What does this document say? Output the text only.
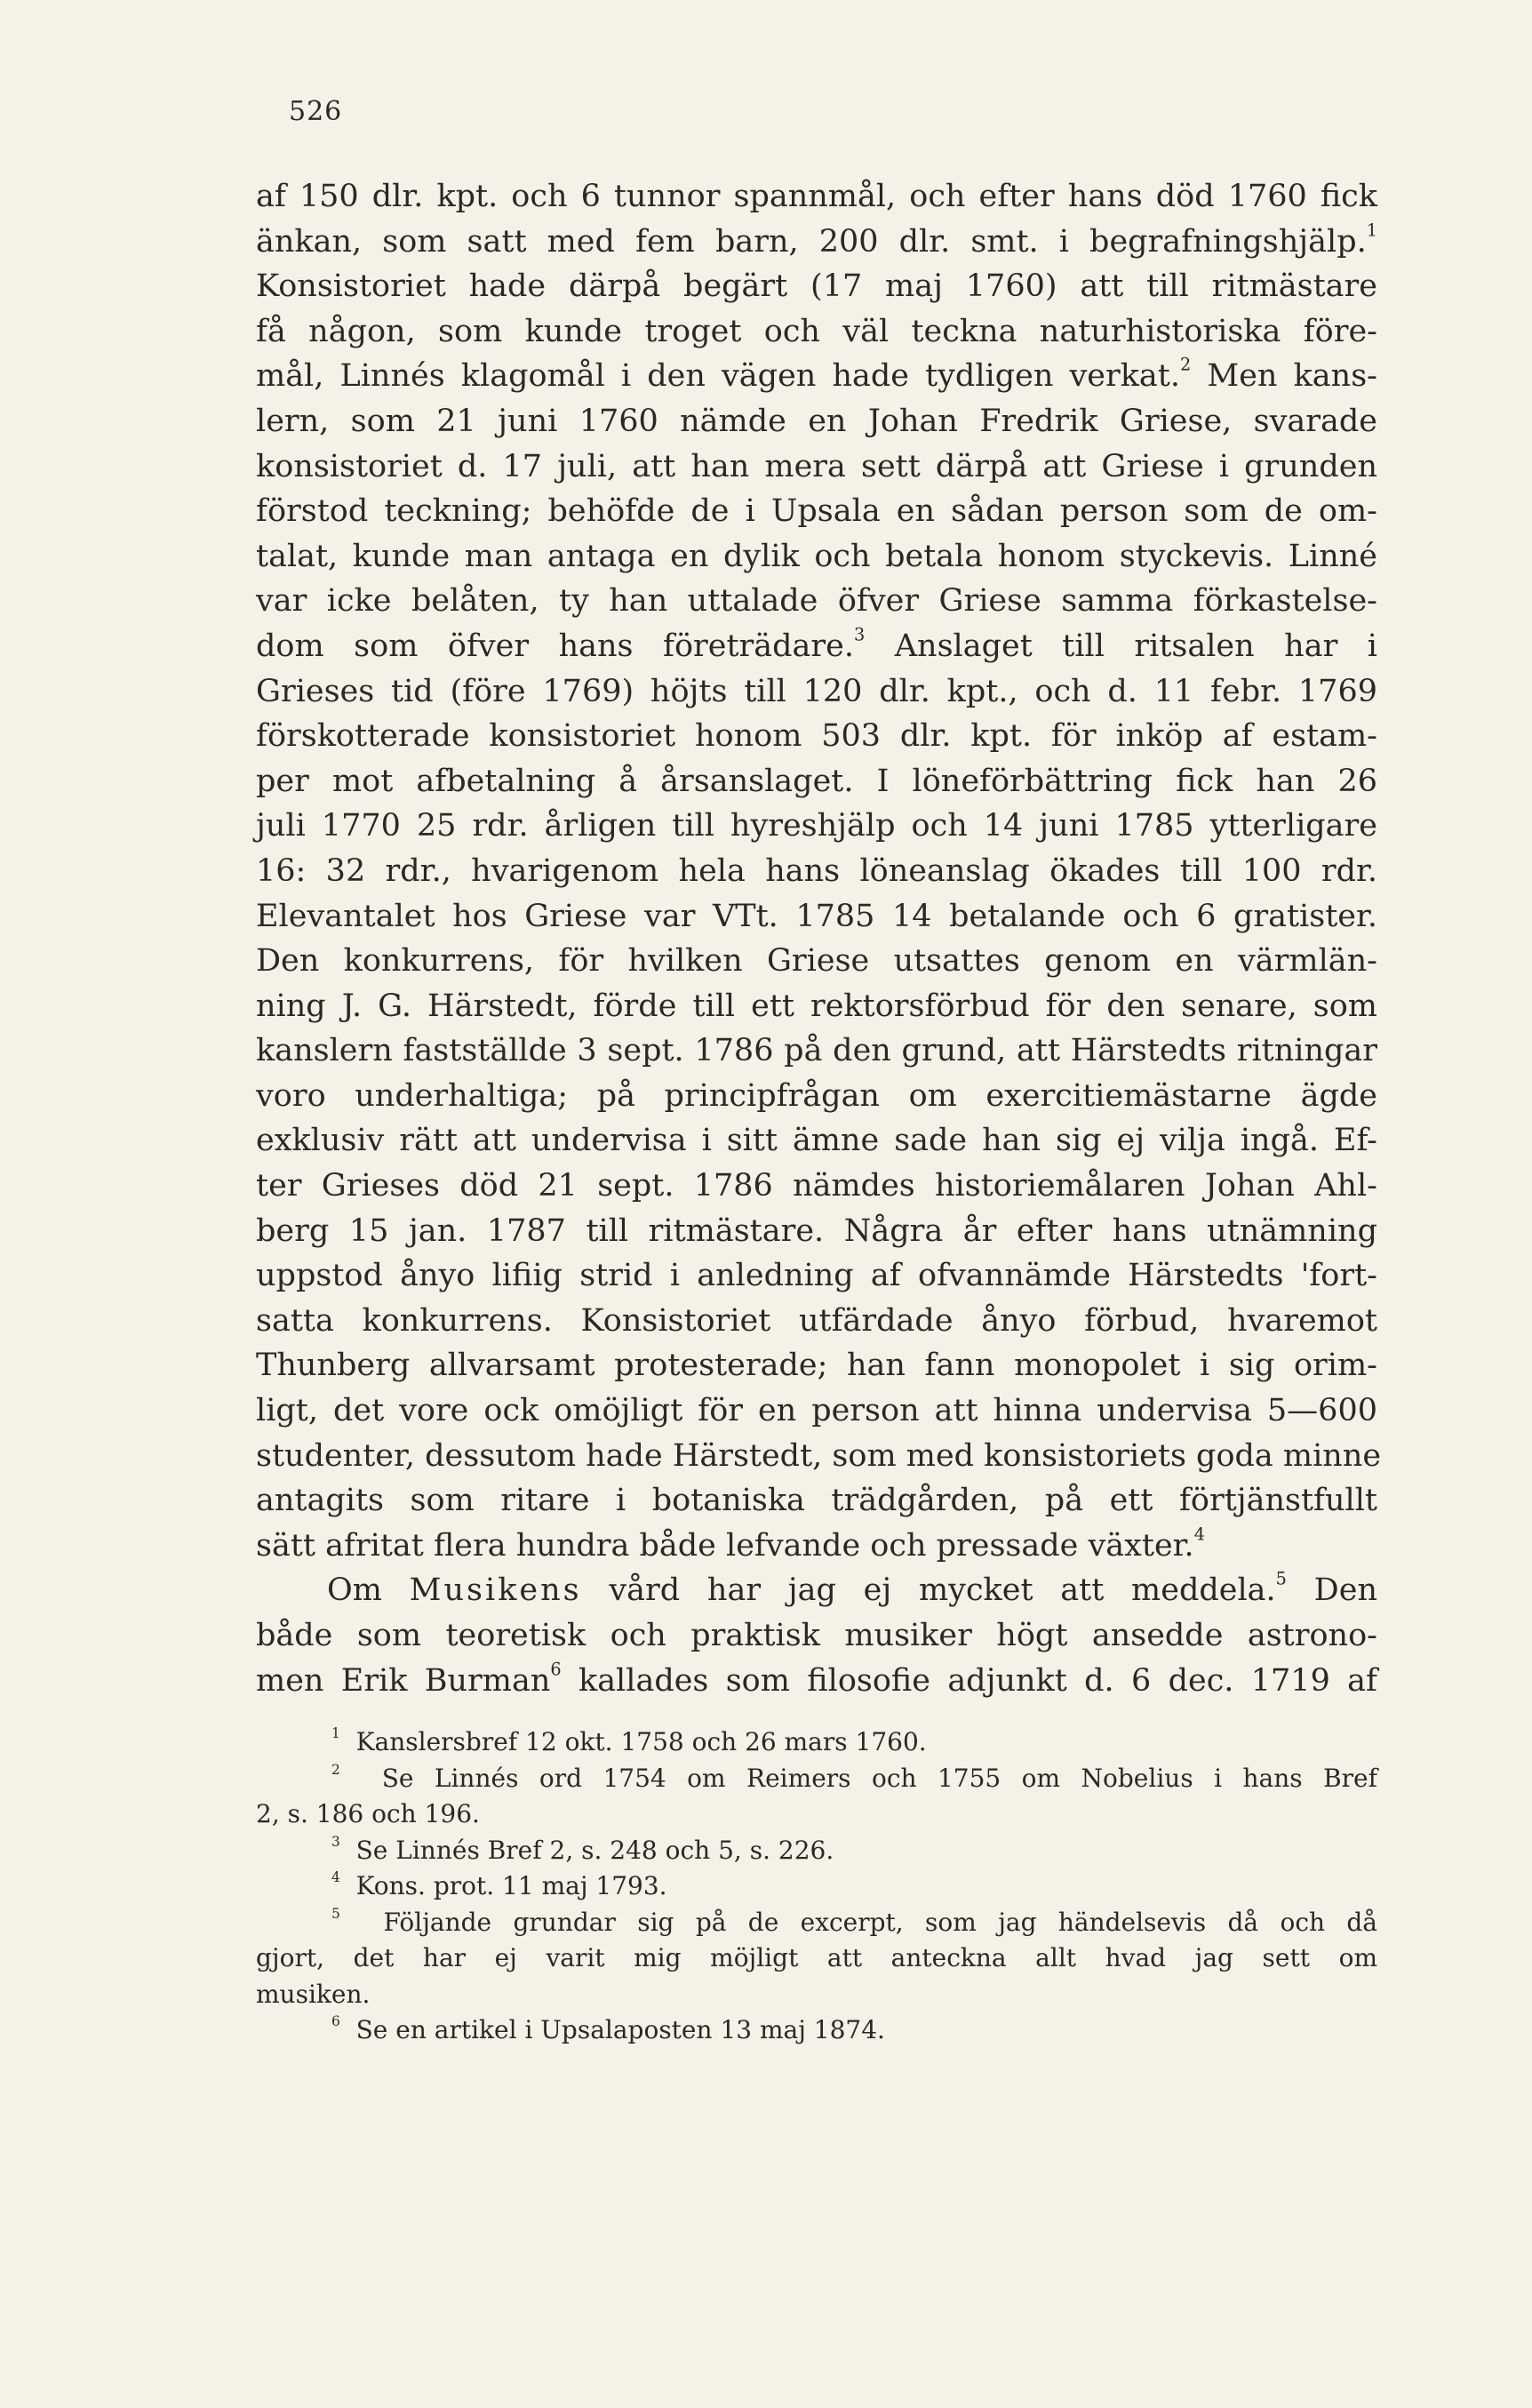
526
af 150 dlr. kpt. och 6 tunnor spannmål, och efter hans död 1760 fick
änkan, som satt med fem barn, 200 dlr. smt. i begrafningshjälp.$^1$
Konsistoriet hade därpå begärt (17 maj 1760) att till ritmästare
få någon, som kunde troget och väl teckna naturhistoriska före-
mål, Linnés klagomål i den vägen hade tydligen verkat.$^2$ Men kans-
lern, som 21 juni 1760 nämde en Johan Fredrik Griese, svarade
konsistoriet d. 17 juli, att han mera sett därpå att Griese i grunden
förstod teckning; behöfde de i Upsala en sådan person som de om-
talat, kunde man antaga en dylik och betala honom styckevis. Linné
var icke belåten, ty han uttalade öfver Griese samma förkastelse-
dom som öfver hans företrädare.$^3$ Anslaget till ritsalen har i
Grieses tid (före 1769) höjts till 120 dlr. kpt., och d. 11 febr. 1769
förskotterade konsistoriet honom 503 dlr. kpt. för inköp af estam-
per mot afbetalning å årsanslaget. I löneförbättring fick han 26
juli 1770 25 rdr. årligen till hyreshjälp och 14 juni 1785 ytterligare
16: 32 rdr., hvarigenom hela hans löneanslag ökades till 100 rdr.
Elevantalet hos Griese var VTt. 1785 14 betalande och 6 gratister.
Den konkurrens, för hvilken Griese utsattes genom en värmlän-
ning J. G. Härstedt, förde till ett rektorsförbud för den senare, som
kanslern fastställde 3 sept. 1786 på den grund, att Härstedts ritningar
voro underhaltiga; på principfrågan om exercitiemästarne ägde
exklusiv rätt att undervisa i sitt ämne sade han sig ej vilja ingå. Ef-
ter Grieses död 21 sept. 1786 nämdes historiemålaren Johan Ahl-
berg 15 jan. 1787 till ritmästare. Några år efter hans utnämning
uppstod ånyo lifiig strid i anledning af ofvannämde Härstedts 'fort-
satta konkurrens. Konsistoriet utfärdade ånyo förbud, hvaremot
Thunberg allvarsamt protesterade; han fann monopolet i sig orim-
ligt, det vore ock omöjligt för en person att hinna undervisa 5—600
studenter, dessutom hade Härstedt, som med konsistoriets goda minne
antagits som ritare i botaniska trädgården, på ett förtjänstfullt
sätt afritat flera hundra både lefvande och pressade växter.$^4$
Om Musikens vård har jag ej mycket att meddela.$^5$ Den
både som teoretisk och praktisk musiker högt ansedde astrono-
men Erik Burman$^6$ kallades som filosofie adjunkt d. 6 dec. 1719 af
$^1$ Kanslersbref 12 okt. 1758 och 26 mars 1760.
$^2$ Se Linnés ord 1754 om Reimers och 1755 om Nobelius i hans Bref
2, s. 186 och 196.
$^3$ Se Linnés Bref 2, s. 248 och 5, s. 226.
$^4$ Kons. prot. 11 maj 1793.
$^5$ Följande grundar sig på de excerpt, som jag händelsevis då och då
gjort, det har ej varit mig möjligt att anteckna allt hvad jag sett om
musiken.
$^6$ Se en artikel i Upsalaposten 13 maj 1874.
